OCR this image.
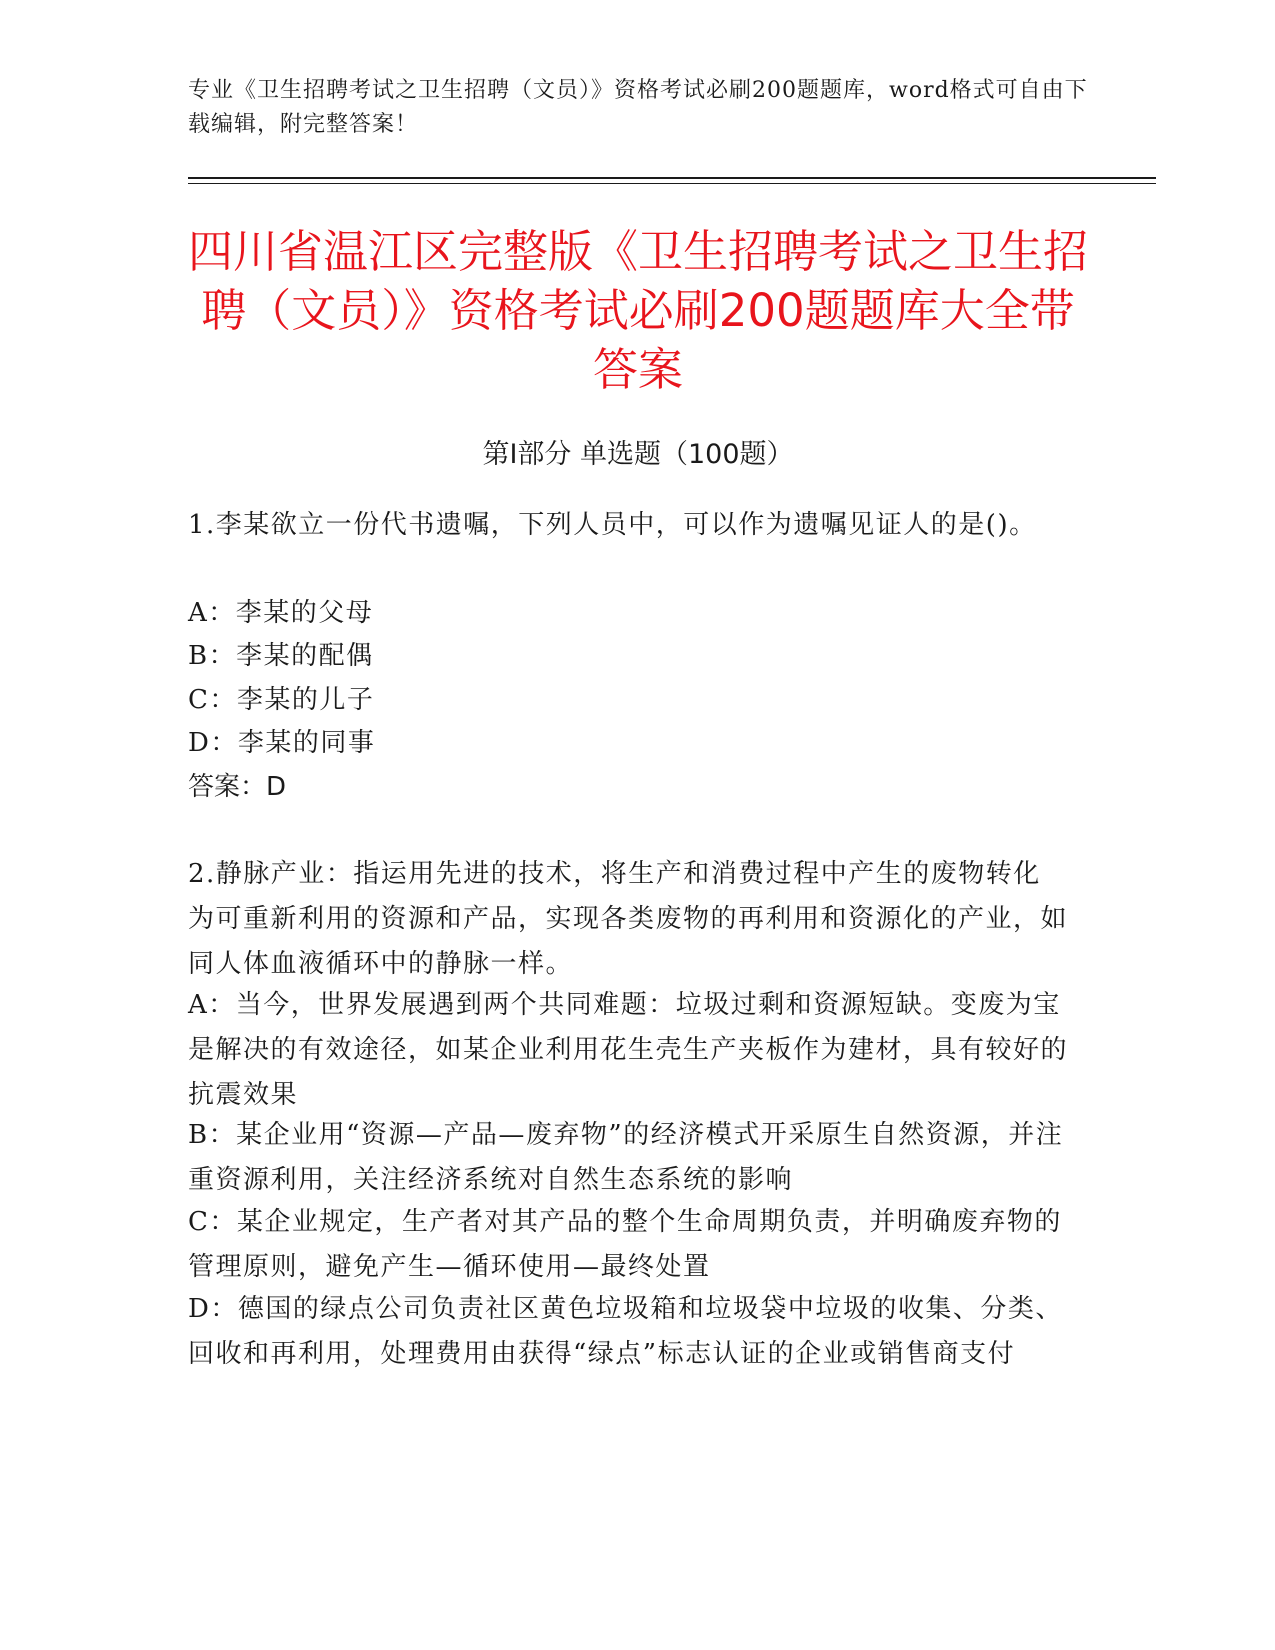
专业《卫生招聘考试之卫生招聘（文员）》资格考试必刷200题题库，word格式可自由下载编辑，附完整答案！
四川省温江区完整版《卫生招聘考试之卫生招聘（文员）》资格考试必刷200题题库大全带答案
第Ⅰ部分 单选题（100题）
1.李某欲立一份代书遗嘱，下列人员中，可以作为遗嘱见证人的是()。
A：李某的父母
B：李某的配偶
C：李某的儿子
D：李某的同事
答案：D
2.静脉产业：指运用先进的技术，将生产和消费过程中产生的废物转化为可重新利用的资源和产品，实现各类废物的再利用和资源化的产业，如同人体血液循环中的静脉一样。
A：当今，世界发展遇到两个共同难题：垃圾过剩和资源短缺。变废为宝是解决的有效途径，如某企业利用花生壳生产夹板作为建材，具有较好的抗震效果
B：某企业用“资源—产品—废弃物”的经济模式开采原生自然资源，并注重资源利用，关注经济系统对自然生态系统的影响
C：某企业规定，生产者对其产品的整个生命周期负责，并明确废弃物的管理原则，避免产生—循环使用—最终处置
D：德国的绿点公司负责社区黄色垃圾箱和垃圾袋中垃圾的收集、分类、回收和再利用，处理费用由获得“绿点”标志认证的企业或销售商支付
